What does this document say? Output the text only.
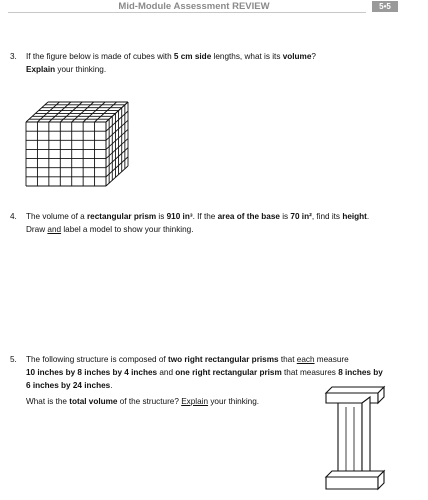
Mid-Module Assessment REVIEW	5•5
3. If the figure below is made of cubes with 5 cm side lengths, what is its volume?
Explain your thinking.
4. The volume of a rectangular prism is 910 in³. If the area of the base is 70 in², find its height.
Draw and label a model to show your thinking.
5. The following structure is composed of two right rectangular prisms that each measure
10 inches by 8 inches by 4 inches and one right rectangular prism that measures 8 inches by
6 inches by 24 inches.
What is the total volume of the structure? Explain your thinking.
